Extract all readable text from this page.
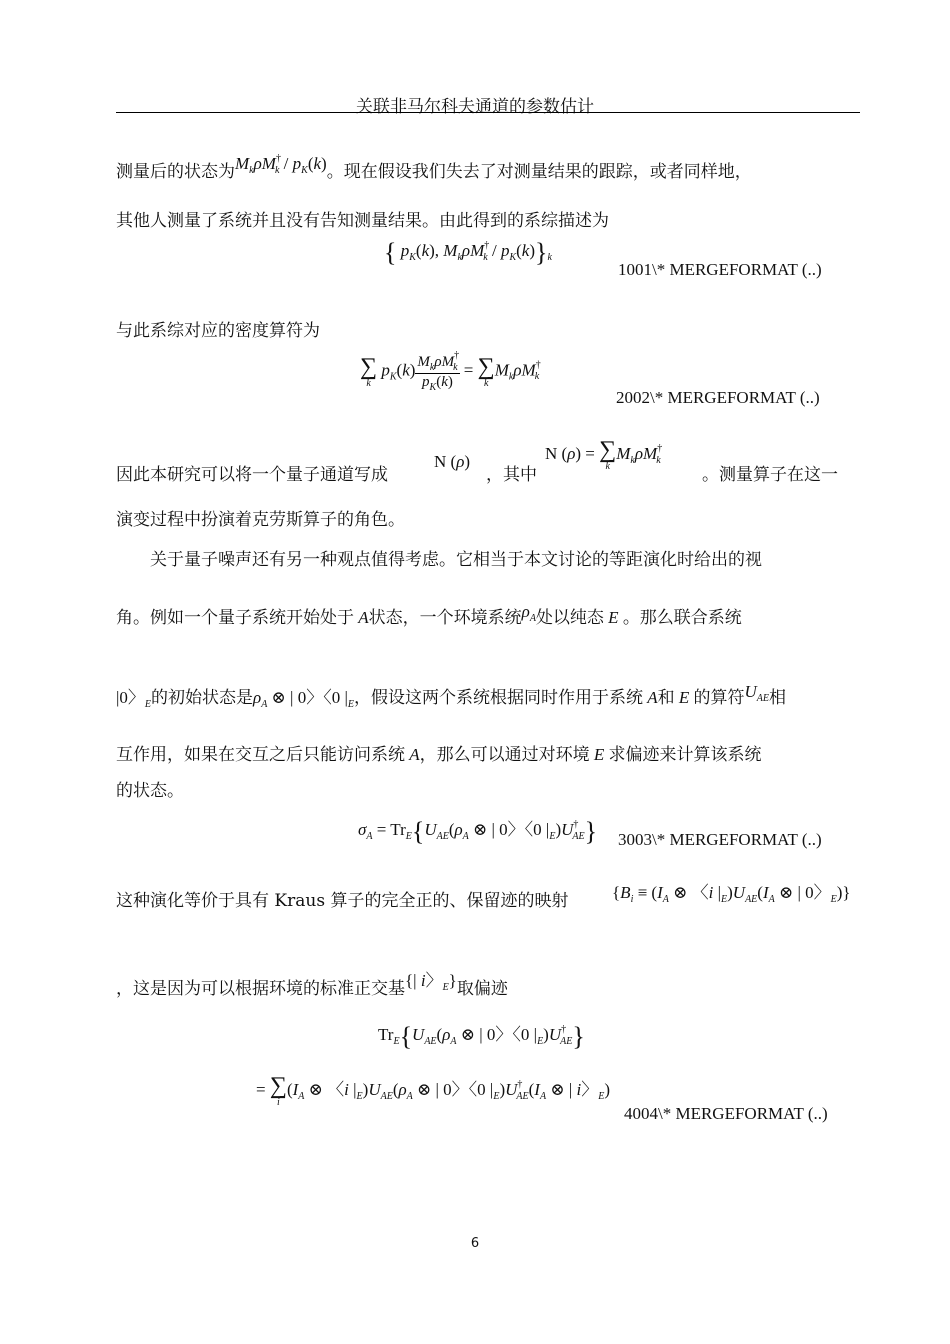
关联非马尔科夫通道的参数估计
测量后的状态为$M_k\rho M^\dagger_k / p_K(k)$。现在假设我们失去了对测量结果的跟踪，或者同样地，
其他人测量了系统并且没有告知测量结果。由此得到的系综描述为
{ $p_K(k)$, $M_k\rho M^\dagger_k / p_K(k)\}_k$
1001\* MERGEFORMAT (..)
与此系综对应的密度算符为
∑
k
$p_K(k) \frac{M_k\rho M^\dagger_k}{p_K(k)}$ = ∑
k
$M_k\rho M^\dagger_k$
2002\* MERGEFORMAT (..)
因此本研究可以将一个量子通道写成
N (ρ)
，其中
N (ρ) = ∑
k
$M_k\rho M^\dagger_k$
。测量算子在这一
演变过程中扮演着克劳斯算子的角色。
关于量子噪声还有另一种观点值得考虑。它相当于本文讨论的等距演化时给出的视
角。例如一个量子系统开始处于 A状态，一个环境系统$\rho_A$处以纯态 E 。那么联合系统
|0〉$_E$的初始状态是$\rho_A$ ⊗ | 0〉〈0 $|_E$，假设这两个系统根据同时作用于系统 A和 E 的算符$U_{AE}$相
互作用，如果在交互之后只能访问系统 A，那么可以通过对环境 E 求偏迹来计算该系统
的状态。
$\sigma_A = Tr_E\{U_{AE}(\rho_A$ ⊗ | 0〉〈0 $|_E)U^\dagger_{AE}$} 3003\* MERGEFORMAT (..)
这种演化等价于具有 Kraus 算子的完全正的、保留迹的映射	{$B_i \equiv (I_A$ ⊗ 〈i $|_E)U_{AE}(I_A$ ⊗ | 0〉$_E$)}
，这是因为可以根据环境的标准正交基{| i〉$_E$}取偏迹
$Tr_E\{U_{AE}(\rho_A$ ⊗ | 0〉〈0 $|_E)U^\dagger_{AE}$}
= ∑
i
($I_A$ ⊗ 〈i $|_E)U_{AE}(\rho_A$ ⊗ | 0〉〈0 $|_E)U^\dagger_{AE}(I_A$ ⊗ | i〉$_E$)
4004\* MERGEFORMAT (..)
6
